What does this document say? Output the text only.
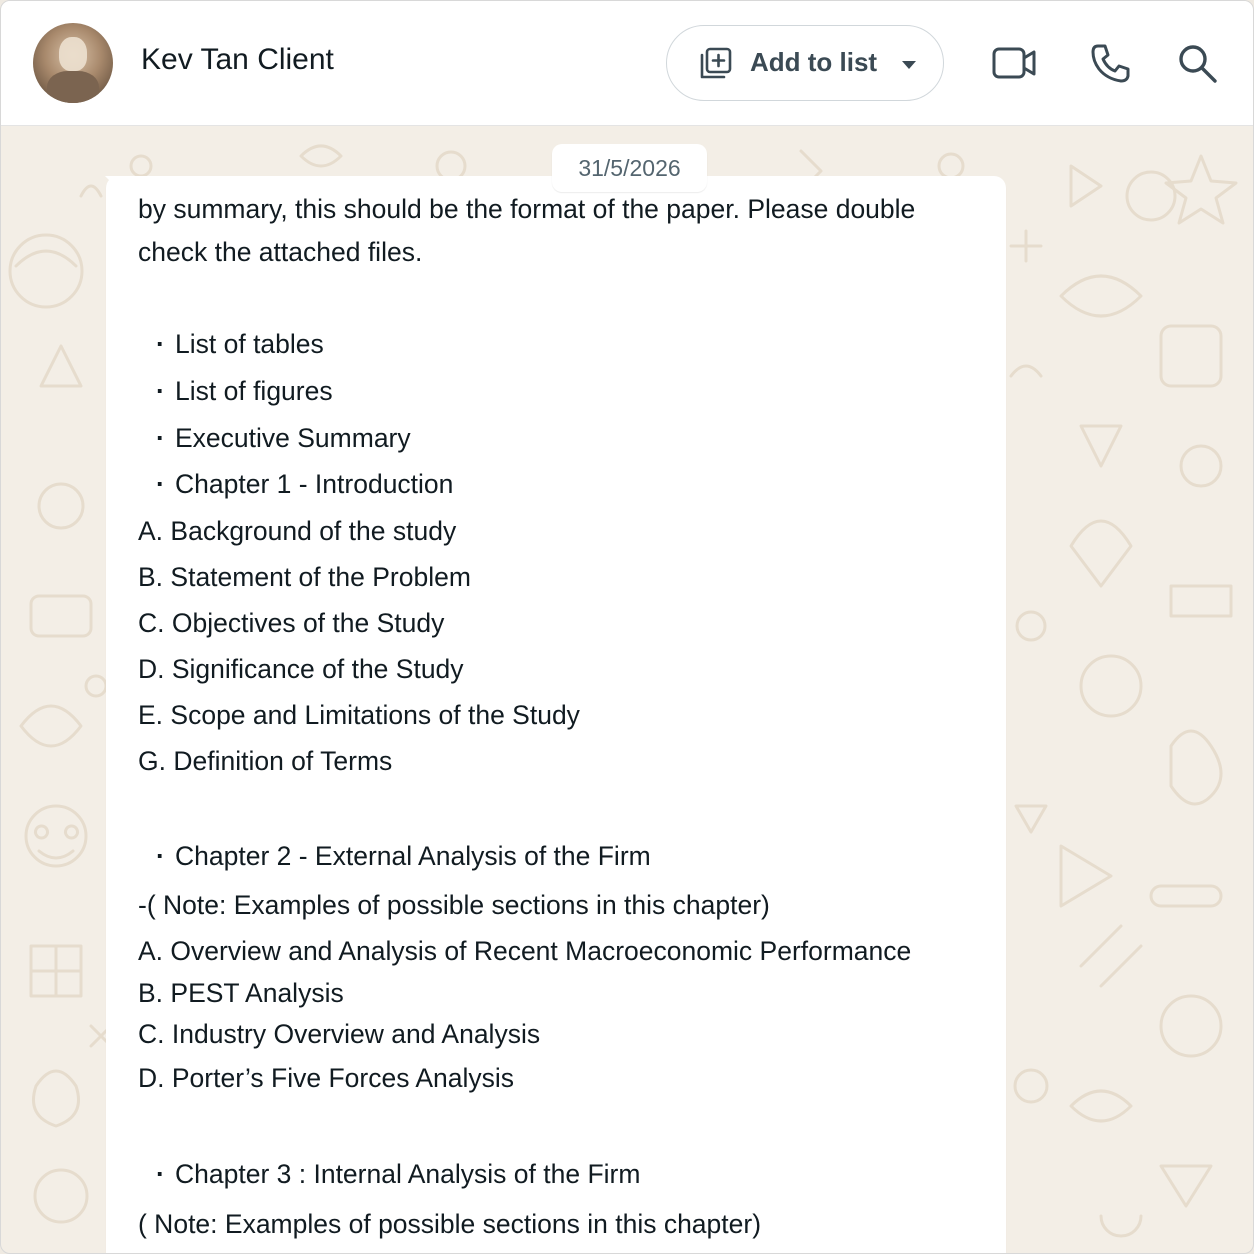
Kev Tan Client	Add to list
31/5/2026
by summary, this should be the format of the paper. Please double
check the attached files.
· List of tables
· List of figures
· Executive Summary
· Chapter 1 - Introduction
A. Background of the study
B. Statement of the Problem
C. Objectives of the Study
D. Significance of the Study
E. Scope and Limitations of the Study
G. Definition of Terms
· Chapter 2 - External Analysis of the Firm
-( Note: Examples of possible sections in this chapter)
A. Overview and Analysis of Recent Macroeconomic Performance
B. PEST Analysis
C. Industry Overview and Analysis
D. Porter’s Five Forces Analysis
· Chapter 3 : Internal Analysis of the Firm
( Note: Examples of possible sections in this chapter)
